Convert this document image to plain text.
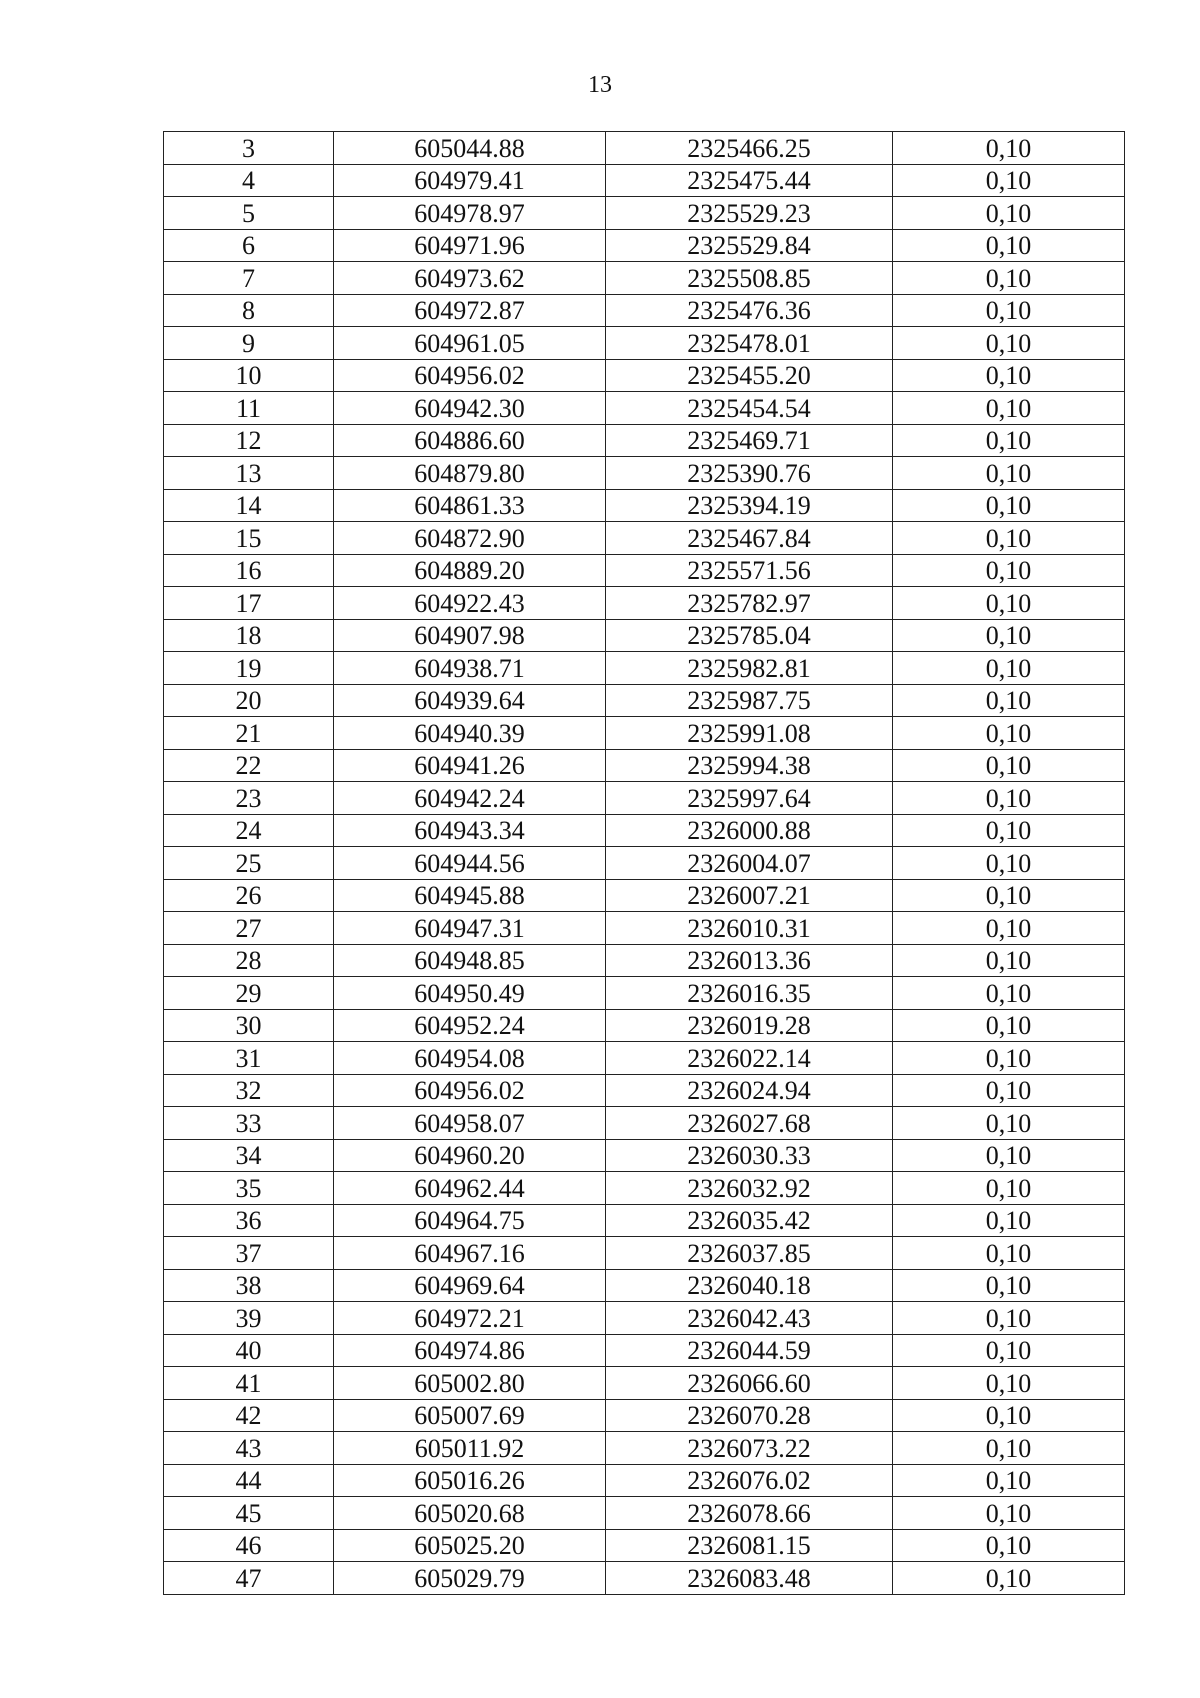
13
3	605044.88	2325466.25	0,10
4	604979.41	2325475.44	0,10
5	604978.97	2325529.23	0,10
6	604971.96	2325529.84	0,10
7	604973.62	2325508.85	0,10
8	604972.87	2325476.36	0,10
9	604961.05	2325478.01	0,10
10	604956.02	2325455.20	0,10
11	604942.30	2325454.54	0,10
12	604886.60	2325469.71	0,10
13	604879.80	2325390.76	0,10
14	604861.33	2325394.19	0,10
15	604872.90	2325467.84	0,10
16	604889.20	2325571.56	0,10
17	604922.43	2325782.97	0,10
18	604907.98	2325785.04	0,10
19	604938.71	2325982.81	0,10
20	604939.64	2325987.75	0,10
21	604940.39	2325991.08	0,10
22	604941.26	2325994.38	0,10
23	604942.24	2325997.64	0,10
24	604943.34	2326000.88	0,10
25	604944.56	2326004.07	0,10
26	604945.88	2326007.21	0,10
27	604947.31	2326010.31	0,10
28	604948.85	2326013.36	0,10
29	604950.49	2326016.35	0,10
30	604952.24	2326019.28	0,10
31	604954.08	2326022.14	0,10
32	604956.02	2326024.94	0,10
33	604958.07	2326027.68	0,10
34	604960.20	2326030.33	0,10
35	604962.44	2326032.92	0,10
36	604964.75	2326035.42	0,10
37	604967.16	2326037.85	0,10
38	604969.64	2326040.18	0,10
39	604972.21	2326042.43	0,10
40	604974.86	2326044.59	0,10
41	605002.80	2326066.60	0,10
42	605007.69	2326070.28	0,10
43	605011.92	2326073.22	0,10
44	605016.26	2326076.02	0,10
45	605020.68	2326078.66	0,10
46	605025.20	2326081.15	0,10
47	605029.79	2326083.48	0,10
